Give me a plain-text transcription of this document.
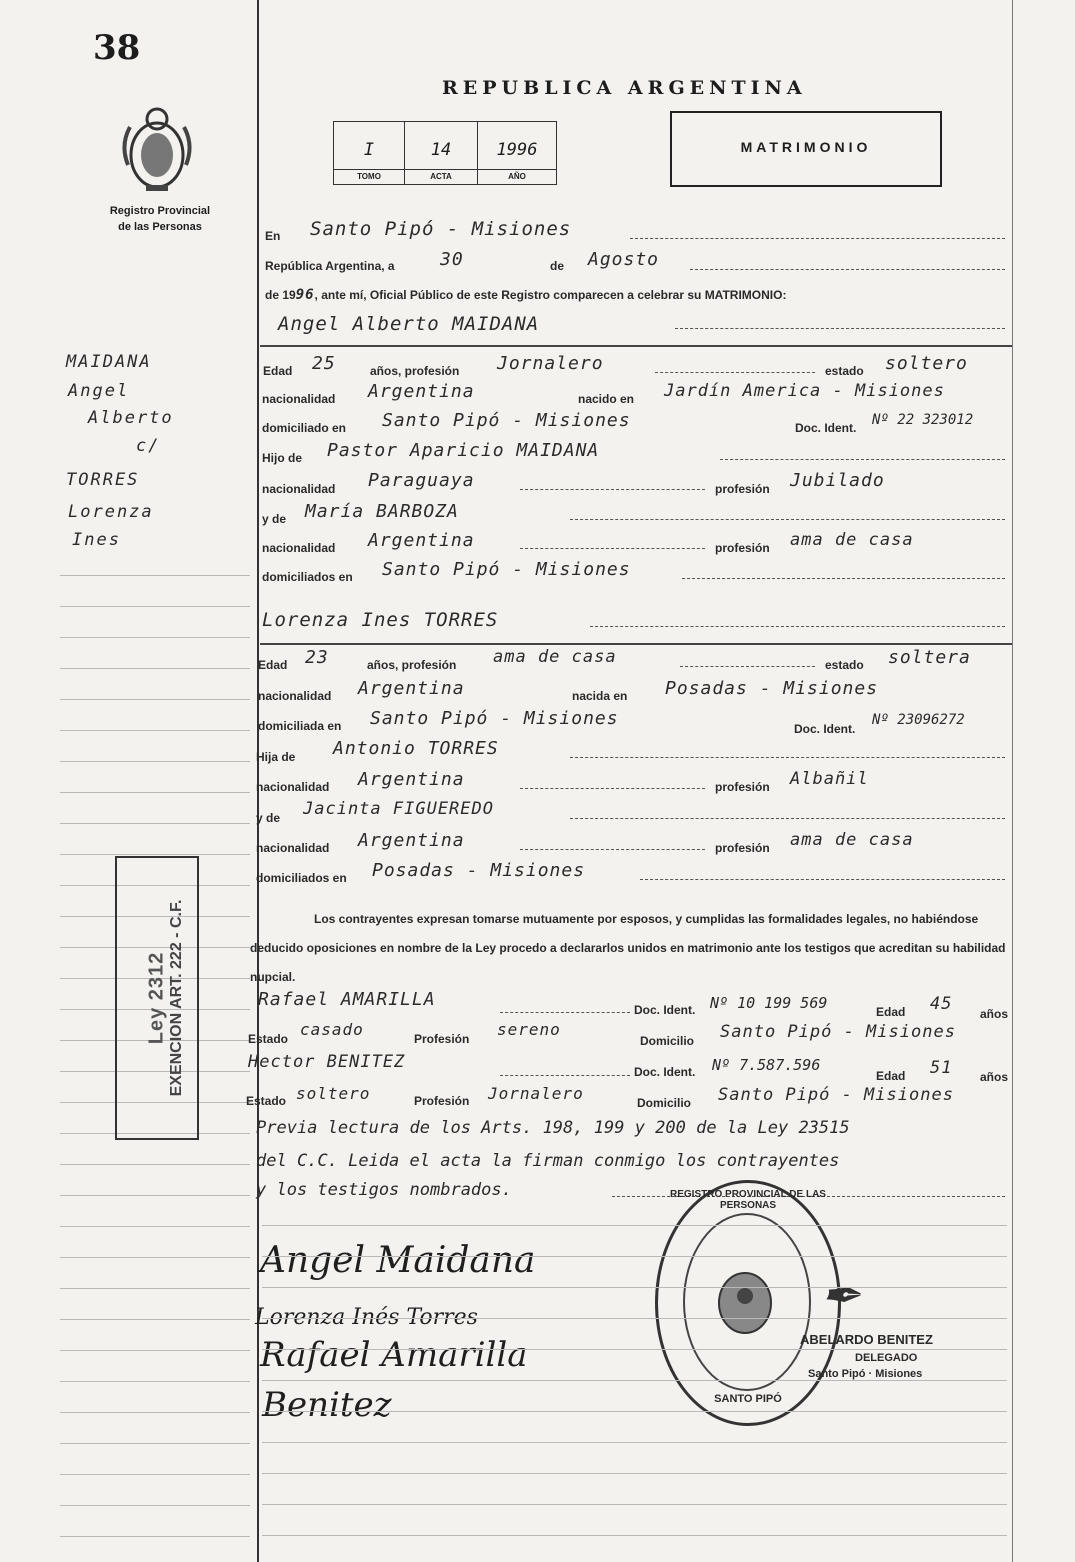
38
REPUBLICA ARGENTINA
Registro Provincial
de las Personas
I
TOMO
14
ACTA
1996
AÑO
MATRIMONIO
MAIDANA
Angel
Alberto
c/
TORRES
Lorenza
Ines
En Santo Pipó - Misiones
República Argentina, a	30	de Agosto
de 1996, ante mí, Oficial Público de este Registro comparecen a celebrar su MATRIMONIO:
Angel Alberto MAIDANA
Edad 25	años, profesión Jornalero	estado soltero
nacionalidad Argentina	nacido en Jardín America - Misiones
domiciliado en Santo Pipó - Misiones	Doc. Ident. Nº 22 323012
Hijo de Pastor Aparicio MAIDANA
nacionalidad Paraguaya	profesión Jubilado
y de María BARBOZA
nacionalidad Argentina	profesión ama de casa
domiciliados en Santo Pipó - Misiones
Lorenza Ines TORRES
Edad 23	años, profesión ama de casa	estado soltera
nacionalidad Argentina	nacida en Posadas - Misiones
domiciliada en Santo Pipó - Misiones	Doc. Ident.
Nº 23096272
Hija de Antonio TORRES
nacionalidad Argentina	profesión Albañil
y de Jacinta FIGUEREDO
nacionalidad Argentina	profesión ama de casa
domiciliados en Posadas - Misiones
Los contrayentes expresan tomarse mutuamente por esposos, y cumplidas las formalidades legales, no habiéndose deducido oposiciones en nombre de la Ley procedo a declararlos unidos en matrimonio ante los testigos que acreditan su habilidad nupcial.
Rafael AMARILLA	Doc. Ident. Nº 10 199 569	Edad 45 años
Estado casado	Profesión sereno
Domicilio Santo Pipó - Misiones
Hector BENITEZ	Doc. Ident. Nº 7.587.596
Edad 51 años
Estado soltero	Profesión Jornalero	Domicilio Santo Pipó - Misiones
Previa lectura de los Arts. 198, 199 y 200 de la Ley 23515
del C.C. Leida el acta la firman conmigo los contrayentes
y los testigos nombrados.
Angel Maidana
Lorenza Inés Torres
Rafael Amarilla
Benitez
REGISTRO PROVINCIAL DE LAS PERSONAS
SANTO PIPÓ
✒
ABELARDO BENITEZ
DELEGADO
Santo Pipó · Misiones
Ley 2312 EXENCION ART. 222 - C.F.
